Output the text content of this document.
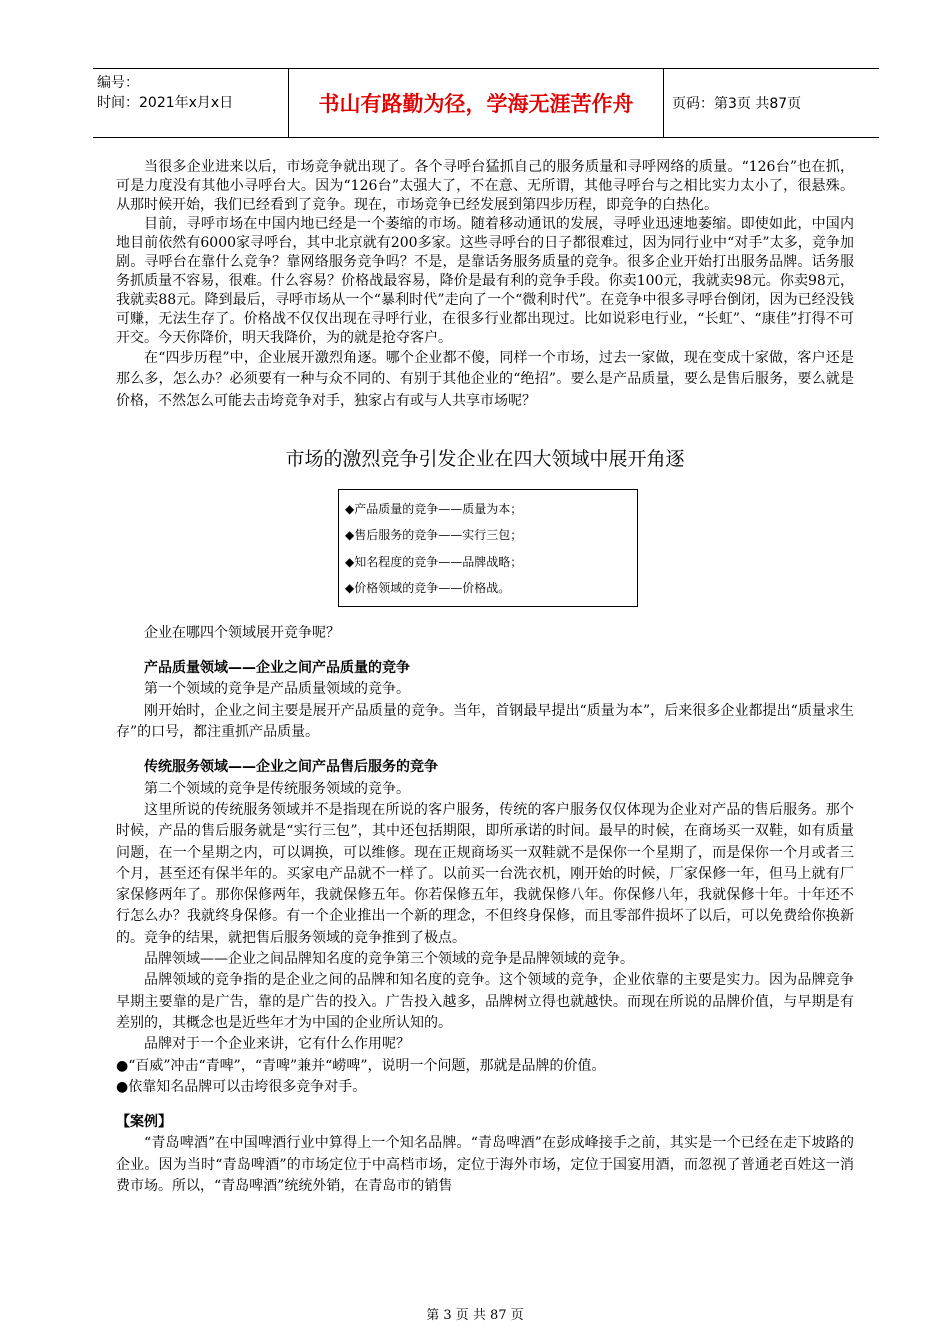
编号：
时间：2021年x月x日	书山有路勤为径，学海无涯苦作舟	页码：第3页 共87页

当很多企业进来以后，市场竞争就出现了。各个寻呼台猛抓自己的服务质量和寻呼网络的质量。“126台”也在抓，可是力度没有其他小寻呼台大。因为“126台”太强大了，不在意、无所谓，其他寻呼台与之相比实力太小了，很悬殊。从那时候开始，我们已经看到了竞争。现在，市场竞争已经发展到第四步历程，即竞争的白热化。

目前，寻呼市场在中国内地已经是一个萎缩的市场。随着移动通讯的发展，寻呼业迅速地萎缩。即使如此，中国内地目前依然有6000家寻呼台，其中北京就有200多家。这些寻呼台的日子都很难过，因为同行业中“对手”太多，竞争加剧。寻呼台在靠什么竞争？靠网络服务竞争吗？不是，是靠话务服务质量的竞争。很多企业开始打出服务品牌。话务服务抓质量不容易，很难。什么容易？价格战最容易，降价是最有利的竞争手段。你卖100元，我就卖98元。你卖98元，我就卖88元。降到最后，寻呼市场从一个“暴利时代”走向了一个“微利时代”。在竞争中很多寻呼台倒闭，因为已经没钱可赚，无法生存了。价格战不仅仅出现在寻呼行业，在很多行业都出现过。比如说彩电行业，“长虹”、“康佳”打得不可开交。今天你降价，明天我降价，为的就是抢夺客户。

在“四步历程”中，企业展开激烈角逐。哪个企业都不傻，同样一个市场，过去一家做，现在变成十家做，客户还是那么多，怎么办？必须要有一种与众不同的、有别于其他企业的“绝招”。要么是产品质量，要么是售后服务，要么就是价格，不然怎么可能去击垮竞争对手，独家占有或与人共享市场呢？

市场的激烈竞争引发企业在四大领域中展开角逐
◆产品质量的竞争——质量为本；
◆售后服务的竞争——实行三包；
◆知名程度的竞争——品牌战略；
◆价格领域的竞争——价格战。

企业在哪四个领域展开竞争呢？

产品质量领域——企业之间产品质量的竞争

第一个领域的竞争是产品质量领域的竞争。

刚开始时，企业之间主要是展开产品质量的竞争。当年，首钢最早提出“质量为本”，后来很多企业都提出“质量求生存”的口号，都注重抓产品质量。

传统服务领域——企业之间产品售后服务的竞争

第二个领域的竞争是传统服务领域的竞争。

这里所说的传统服务领域并不是指现在所说的客户服务，传统的客户服务仅仅体现为企业对产品的售后服务。那个时候，产品的售后服务就是“实行三包”，其中还包括期限，即所承诺的时间。最早的时候，在商场买一双鞋，如有质量问题，在一个星期之内，可以调换，可以维修。现在正规商场买一双鞋就不是保你一个星期了，而是保你一个月或者三个月，甚至还有保半年的。买家电产品就不一样了。以前买一台洗衣机，刚开始的时候，厂家保修一年，但马上就有厂家保修两年了。那你保修两年，我就保修五年。你若保修五年，我就保修八年。你保修八年，我就保修十年。十年还不行怎么办？我就终身保修。有一个企业推出一个新的理念，不但终身保修，而且零部件损坏了以后，可以免费给你换新的。竞争的结果，就把售后服务领域的竞争推到了极点。

品牌领域——企业之间品牌知名度的竞争第三个领域的竞争是品牌领域的竞争。

品牌领域的竞争指的是企业之间的品牌和知名度的竞争。这个领域的竞争，企业依靠的主要是实力。因为品牌竞争早期主要靠的是广告，靠的是广告的投入。广告投入越多，品牌树立得也就越快。而现在所说的品牌价值，与早期是有差别的，其概念也是近些年才为中国的企业所认知的。

品牌对于一个企业来讲，它有什么作用呢？

●“百威”冲击“青啤”，“青啤”兼并“崂啤”，说明一个问题，那就是品牌的价值。

●依靠知名品牌可以击垮很多竞争对手。

【案例】

“青岛啤酒”在中国啤酒行业中算得上一个知名品牌。“青岛啤酒”在彭成峰接手之前，其实是一个已经在走下坡路的企业。因为当时“青岛啤酒”的市场定位于中高档市场，定位于海外市场，定位于国宴用酒，而忽视了普通老百姓这一消费市场。所以，“青岛啤酒”统统外销，在青岛市的销售

第 3 页 共 87 页
